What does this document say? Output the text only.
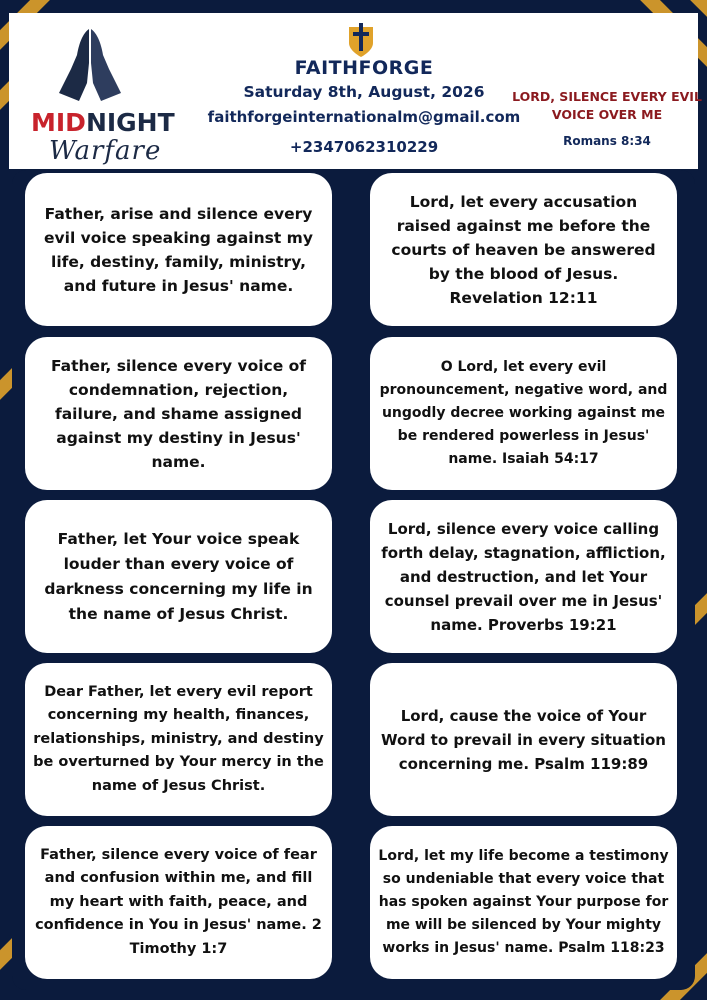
MIDNIGHT
Warfare
FAITHFORGE
Saturday 8th, August, 2026
faithforgeinternationalm@gmail.com
+2347062310229
LORD, SILENCE EVERY EVIL VOICE OVER ME
Romans 8:34
Father, arise and silence every evil voice speaking against my life, destiny, family, ministry, and future in Jesus' name.
Lord, let every accusation raised against me before the courts of heaven be answered by the blood of Jesus. Revelation 12:11
Father, silence every voice of condemnation, rejection, failure, and shame assigned against my destiny in Jesus' name.
O Lord, let every evil pronouncement, negative word, and ungodly decree working against me be rendered powerless in Jesus' name. Isaiah 54:17
Father, let Your voice speak louder than every voice of darkness concerning my life in the name of Jesus Christ.
Lord, silence every voice calling forth delay, stagnation, affliction, and destruction, and let Your counsel prevail over me in Jesus' name. Proverbs 19:21
Dear Father, let every evil report concerning my health, finances, relationships, ministry, and destiny be overturned by Your mercy in the name of Jesus Christ.
Lord, cause the voice of Your Word to prevail in every situation concerning me. Psalm 119:89
Father, silence every voice of fear and confusion within me, and fill my heart with faith, peace, and confidence in You in Jesus' name. 2 Timothy 1:7
Lord, let my life become a testimony so undeniable that every voice that has spoken against Your purpose for me will be silenced by Your mighty works in Jesus' name. Psalm 118:23
